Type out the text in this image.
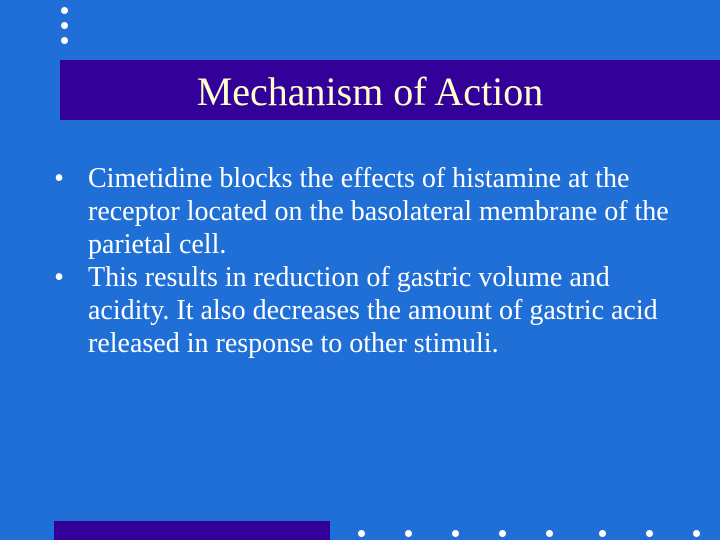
Mechanism of Action
• Cimetidine blocks the effects of histamine at the receptor located on the basolateral membrane of the parietal cell.
• This results in reduction of gastric volume and acidity. It also decreases the amount of gastric acid released in response to other stimuli.
